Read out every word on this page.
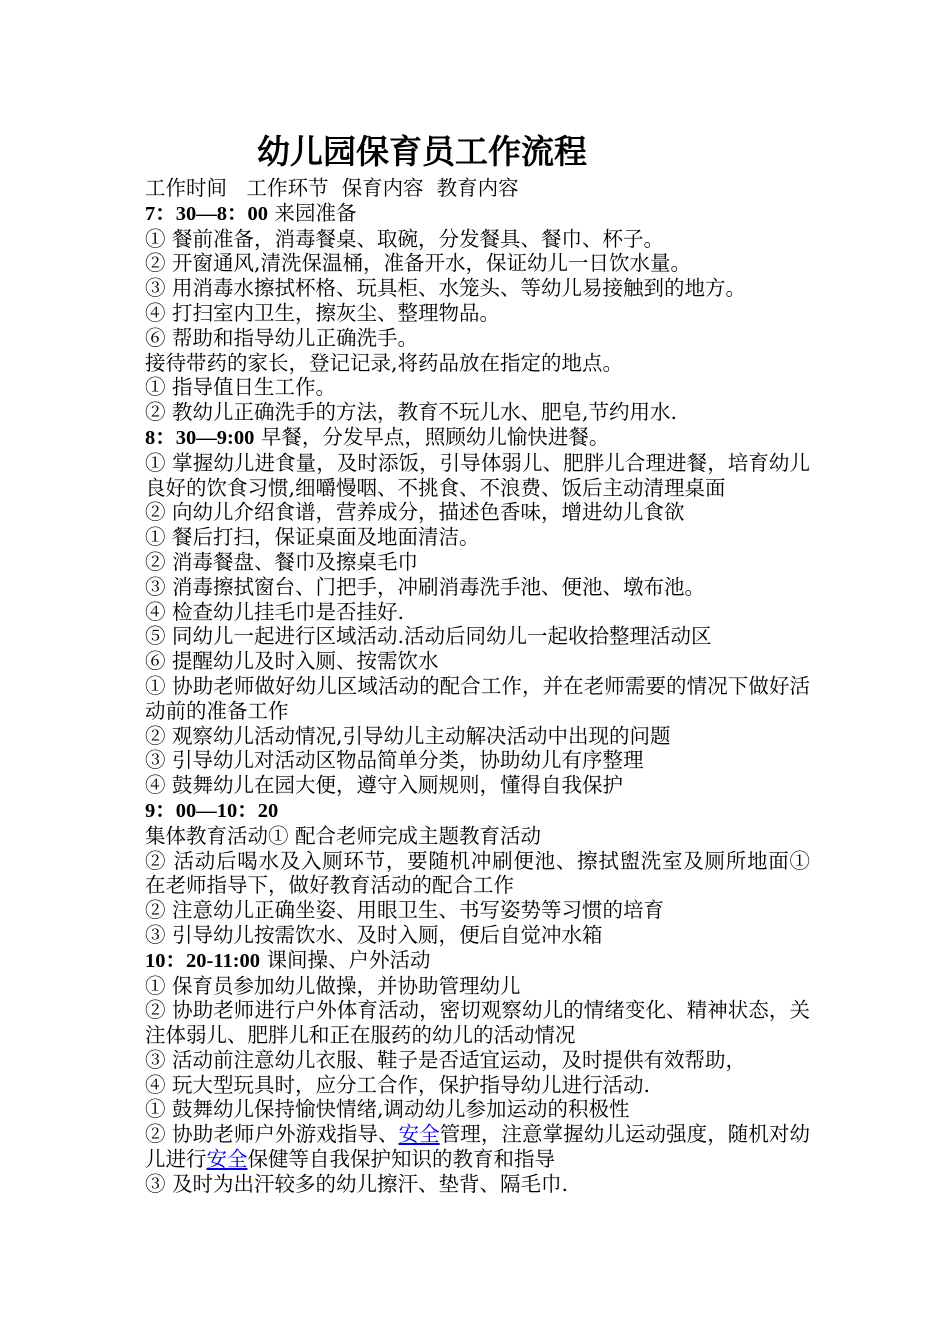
幼儿园保育员工作流程
工作时间   工作环节  保育内容  教育内容
7：30—8：00 来园准备
① 餐前准备，消毒餐桌、取碗，分发餐具、餐巾、杯子。
② 开窗通风,清洗保温桶，准备开水，保证幼儿一日饮水量。
③ 用消毒水擦拭杯格、玩具柜、水笼头、等幼儿易接触到的地方。
④ 打扫室内卫生，擦灰尘、整理物品。
⑥ 帮助和指导幼儿正确洗手。
接待带药的家长，登记记录,将药品放在指定的地点。
① 指导值日生工作。
② 教幼儿正确洗手的方法，教育不玩儿水、肥皂,节约用水.
8：30—9:00 早餐，分发早点，照顾幼儿愉快进餐。
① 掌握幼儿进食量，及时添饭，引导体弱儿、肥胖儿合理进餐，培育幼儿良好的饮食习惯,细嚼慢咽、不挑食、不浪费、饭后主动清理桌面
② 向幼儿介绍食谱，营养成分，描述色香味，增进幼儿食欲
① 餐后打扫，保证桌面及地面清洁。
② 消毒餐盘、餐巾及擦桌毛巾
③ 消毒擦拭窗台、门把手，冲刷消毒洗手池、便池、墩布池。
④ 检查幼儿挂毛巾是否挂好.
⑤ 同幼儿一起进行区域活动.活动后同幼儿一起收拾整理活动区
⑥ 提醒幼儿及时入厕、按需饮水
① 协助老师做好幼儿区域活动的配合工作，并在老师需要的情况下做好活动前的准备工作
② 观察幼儿活动情况,引导幼儿主动解决活动中出现的问题
③ 引导幼儿对活动区物品简单分类，协助幼儿有序整理
④ 鼓舞幼儿在园大便，遵守入厕规则，懂得自我保护
9：00—10：20
集体教育活动① 配合老师完成主题教育活动
② 活动后喝水及入厕环节，要随机冲刷便池、擦拭盥洗室及厕所地面① 在老师指导下，做好教育活动的配合工作
② 注意幼儿正确坐姿、用眼卫生、书写姿势等习惯的培育
③ 引导幼儿按需饮水、及时入厕，便后自觉冲水箱
10：20-11:00 课间操、户外活动
① 保育员参加幼儿做操，并协助管理幼儿
② 协助老师进行户外体育活动，密切观察幼儿的情绪变化、精神状态，关注体弱儿、肥胖儿和正在服药的幼儿的活动情况
③ 活动前注意幼儿衣服、鞋子是否适宜运动，及时提供有效帮助，
④ 玩大型玩具时，应分工合作，保护指导幼儿进行活动.
① 鼓舞幼儿保持愉快情绪,调动幼儿参加运动的积极性
② 协助老师户外游戏指导、安全管理，注意掌握幼儿运动强度，随机对幼儿进行安全保健等自我保护知识的教育和指导
③ 及时为出汗较多的幼儿擦汗、垫背、隔毛巾.
